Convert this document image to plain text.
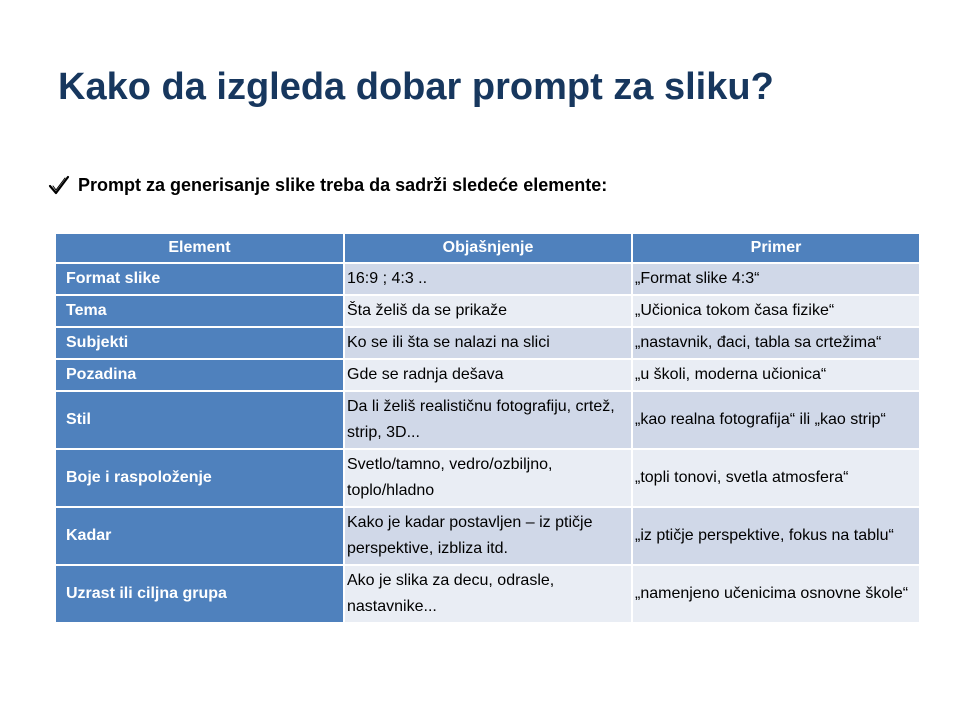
Kako da izgleda dobar prompt za sliku?
Prompt za generisanje slike treba da sadrži sledeće elemente:
Element	Objašnjenje	Primer
Format slike	16:9 ; 4:3 ..	„Format slike 4:3“
Tema	Šta želiš da se prikaže	„Učionica tokom časa fizike“
Subjekti	Ko se ili šta se nalazi na slici	„nastavnik, đaci, tabla sa crtežima“
Pozadina	Gde se radnja dešava	„u školi, moderna učionica“
Stil	Da li želiš realističnu fotografiju, crtež, strip, 3D...	„kao realna fotografija“ ili „kao strip“
Boje i raspoloženje	Svetlo/tamno, vedro/ozbiljno, toplo/hladno	„topli tonovi, svetla atmosfera“
Kadar	Kako je kadar postavljen – iz ptičje perspektive, izbliza itd.	„iz ptičje perspektive, fokus na tablu“
Uzrast ili ciljna grupa	Ako je slika za decu, odrasle, nastavnike...	„namenjeno učenicima osnovne škole“
